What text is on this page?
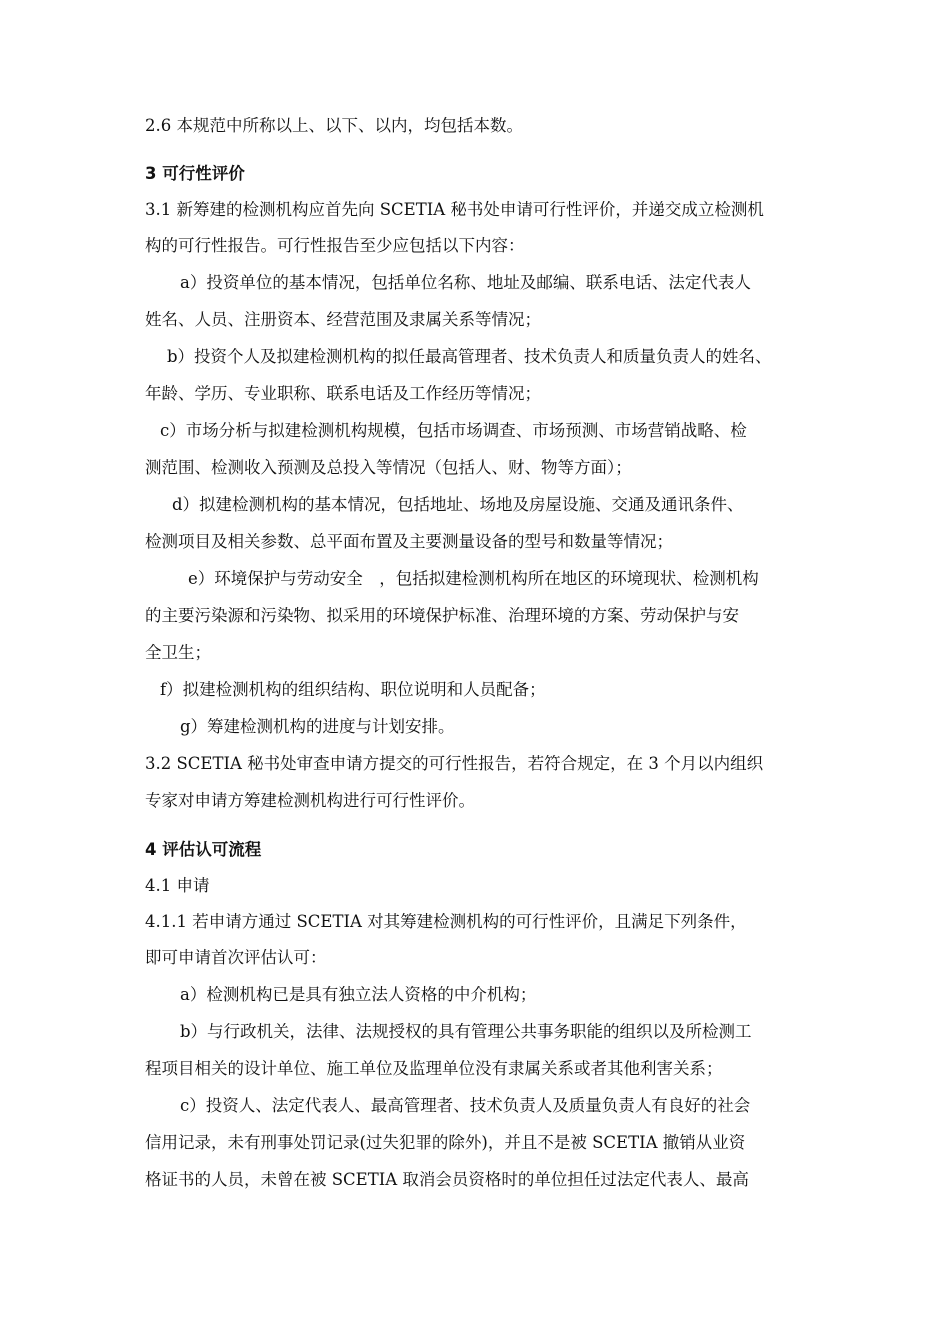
2.6 本规范中所称以上、以下、以内，均包括本数。
3 可行性评价
3.1 新筹建的检测机构应首先向 SCETIA 秘书处申请可行性评价，并递交成立检测机
构的可行性报告。可行性报告至少应包括以下内容：
a）投资单位的基本情况，包括单位名称、地址及邮编、联系电话、法定代表人
姓名、人员、注册资本、经营范围及隶属关系等情况；
b）投资个人及拟建检测机构的拟任最高管理者、技术负责人和质量负责人的姓名、
年龄、学历、专业职称、联系电话及工作经历等情况；
c）市场分析与拟建检测机构规模，包括市场调查、市场预测、市场营销战略、检
测范围、检测收入预测及总投入等情况（包括人、财、物等方面）；
d）拟建检测机构的基本情况，包括地址、场地及房屋设施、交通及通讯条件、
检测项目及相关参数、总平面布置及主要测量设备的型号和数量等情况；
e）环境保护与劳动安全　，包括拟建检测机构所在地区的环境现状、检测机构
的主要污染源和污染物、拟采用的环境保护标准、治理环境的方案、劳动保护与安
全卫生；
f）拟建检测机构的组织结构、职位说明和人员配备；
g）筹建检测机构的进度与计划安排。
3.2 SCETIA 秘书处审查申请方提交的可行性报告，若符合规定，在 3 个月以内组织
专家对申请方筹建检测机构进行可行性评价。
4 评估认可流程
4.1 申请
4.1.1 若申请方通过 SCETIA 对其筹建检测机构的可行性评价，且满足下列条件，
即可申请首次评估认可：
a）检测机构已是具有独立法人资格的中介机构；
b）与行政机关，法律、法规授权的具有管理公共事务职能的组织以及所检测工
程项目相关的设计单位、施工单位及监理单位没有隶属关系或者其他利害关系；
c）投资人、法定代表人、最高管理者、技术负责人及质量负责人有良好的社会
信用记录，未有刑事处罚记录(过失犯罪的除外)，并且不是被 SCETIA 撤销从业资
格证书的人员，未曾在被 SCETIA 取消会员资格时的单位担任过法定代表人、最高
